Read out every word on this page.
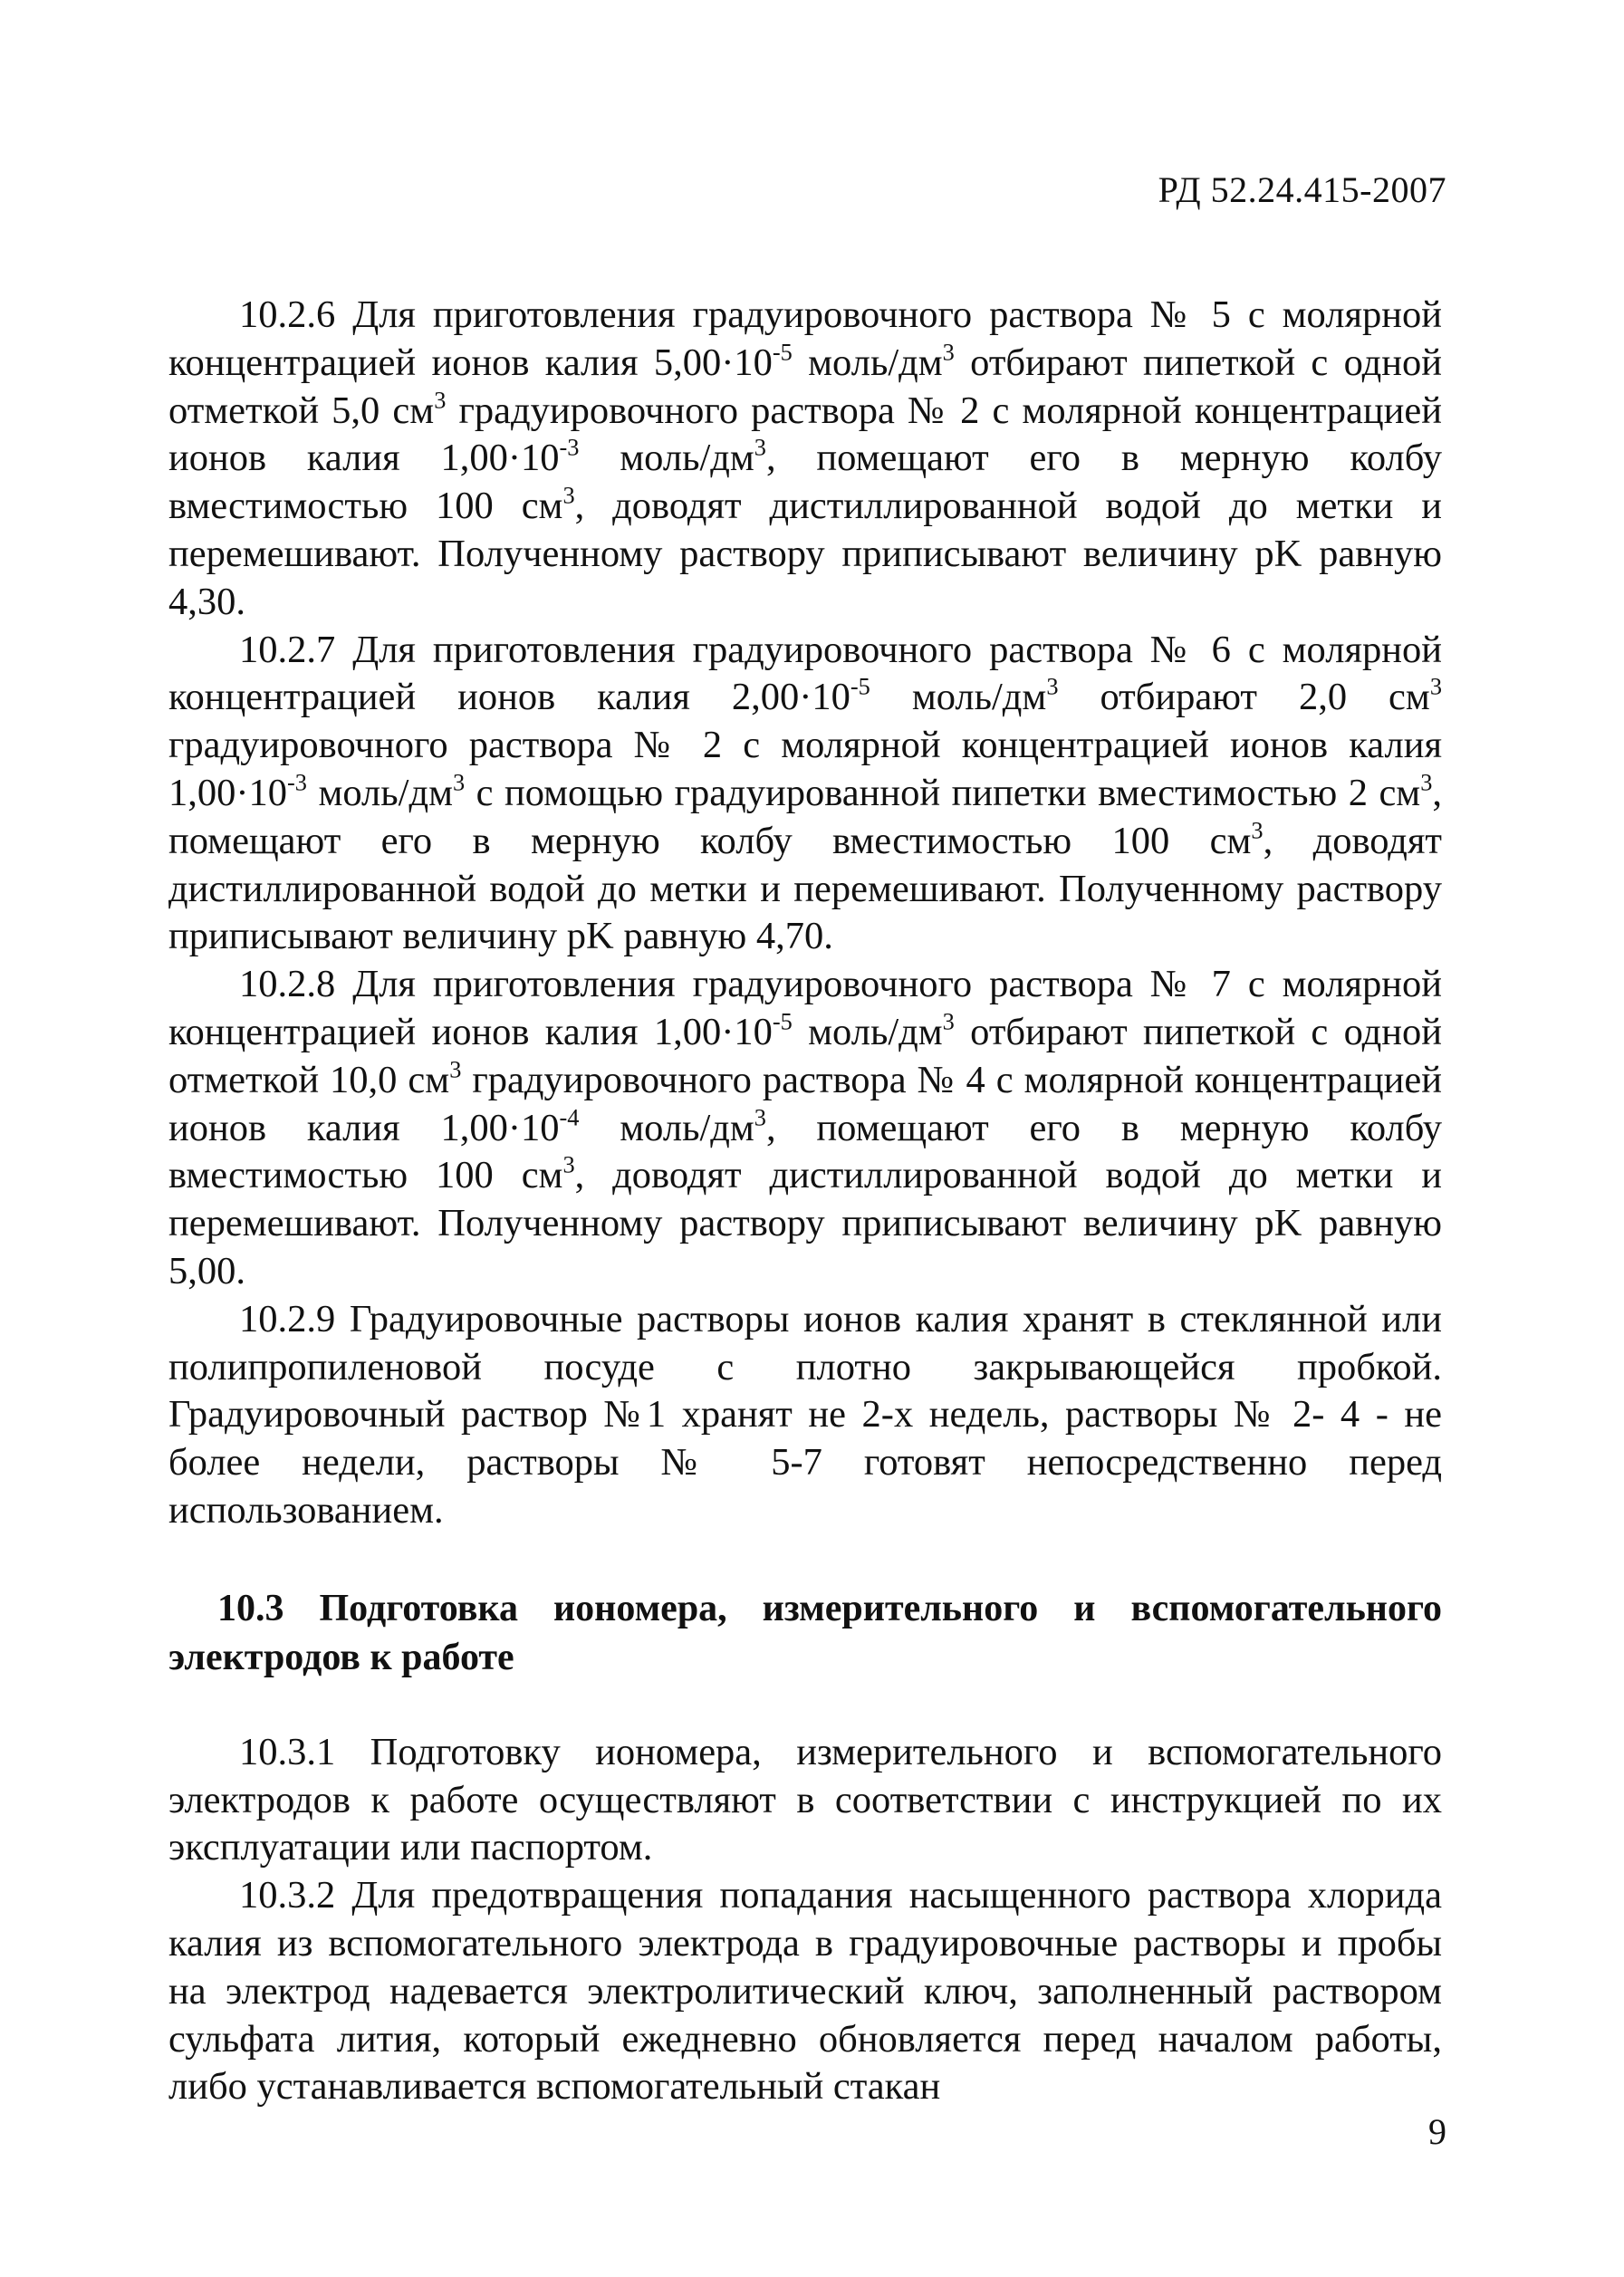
РД 52.24.415-2007

10.2.6 Для приготовления градуировочного раствора № 5 с молярной концентрацией ионов калия $5,00\cdot 10^{-5}$ моль/$дм^3$ отбирают пипеткой с одной отметкой 5,0 $см^3$ градуировочного раствора № 2 с молярной концентрацией ионов калия $1,00\cdot 10^{-3}$ моль/$дм^3$, помещают его в мерную колбу вместимостью 100 $см^3$, доводят дистиллированной водой до метки и перемешивают. Полученному раствору приписывают величину pK равную 4,30.

10.2.7 Для приготовления градуировочного раствора № 6 с молярной концентрацией ионов калия $2,00\cdot 10^{-5}$ моль/$дм^3$ отбирают 2,0 $см^3$ градуировочного раствора № 2 с молярной концентрацией ионов калия $1,00\cdot 10^{-3}$ моль/$дм^3$ с помощью градуированной пипетки вместимостью 2 $см^3$, помещают его в мерную колбу вместимостью 100 $см^3$, доводят дистиллированной водой до метки и перемешивают. Полученному раствору приписывают величину pK равную 4,70.

10.2.8 Для приготовления градуировочного раствора № 7 с молярной концентрацией ионов калия $1,00\cdot 10^{-5}$ моль/$дм^3$ отбирают пипеткой с одной отметкой 10,0 $см^3$ градуировочного раствора № 4 с молярной концентрацией ионов калия $1,00\cdot 10^{-4}$ моль/$дм^3$, помещают его в мерную колбу вместимостью 100 $см^3$, доводят дистиллированной водой до метки и перемешивают. Полученному раствору приписывают величину pK равную 5,00.

10.2.9 Градуировочные растворы ионов калия хранят в стеклянной или полипропиленовой посуде с плотно закрывающейся пробкой. Градуировочный раствор №1 хранят не 2-х недель, растворы № 2- 4 - не более недели, растворы № 5-7 готовят непосредственно перед использованием.

10.3 Подготовка иономера, измерительного и вспомогательного электродов к работе

10.3.1 Подготовку иономера, измерительного и вспомогательного электродов к работе осуществляют в соответствии с инструкцией по их эксплуатации или паспортом.

10.3.2 Для предотвращения попадания насыщенного раствора хлорида калия из вспомогательного электрода в градуировочные растворы и пробы на электрод надевается электролитический ключ, заполненный раствором сульфата лития, который ежедневно обновляется перед началом работы, либо устанавливается вспомогательный стакан

9
